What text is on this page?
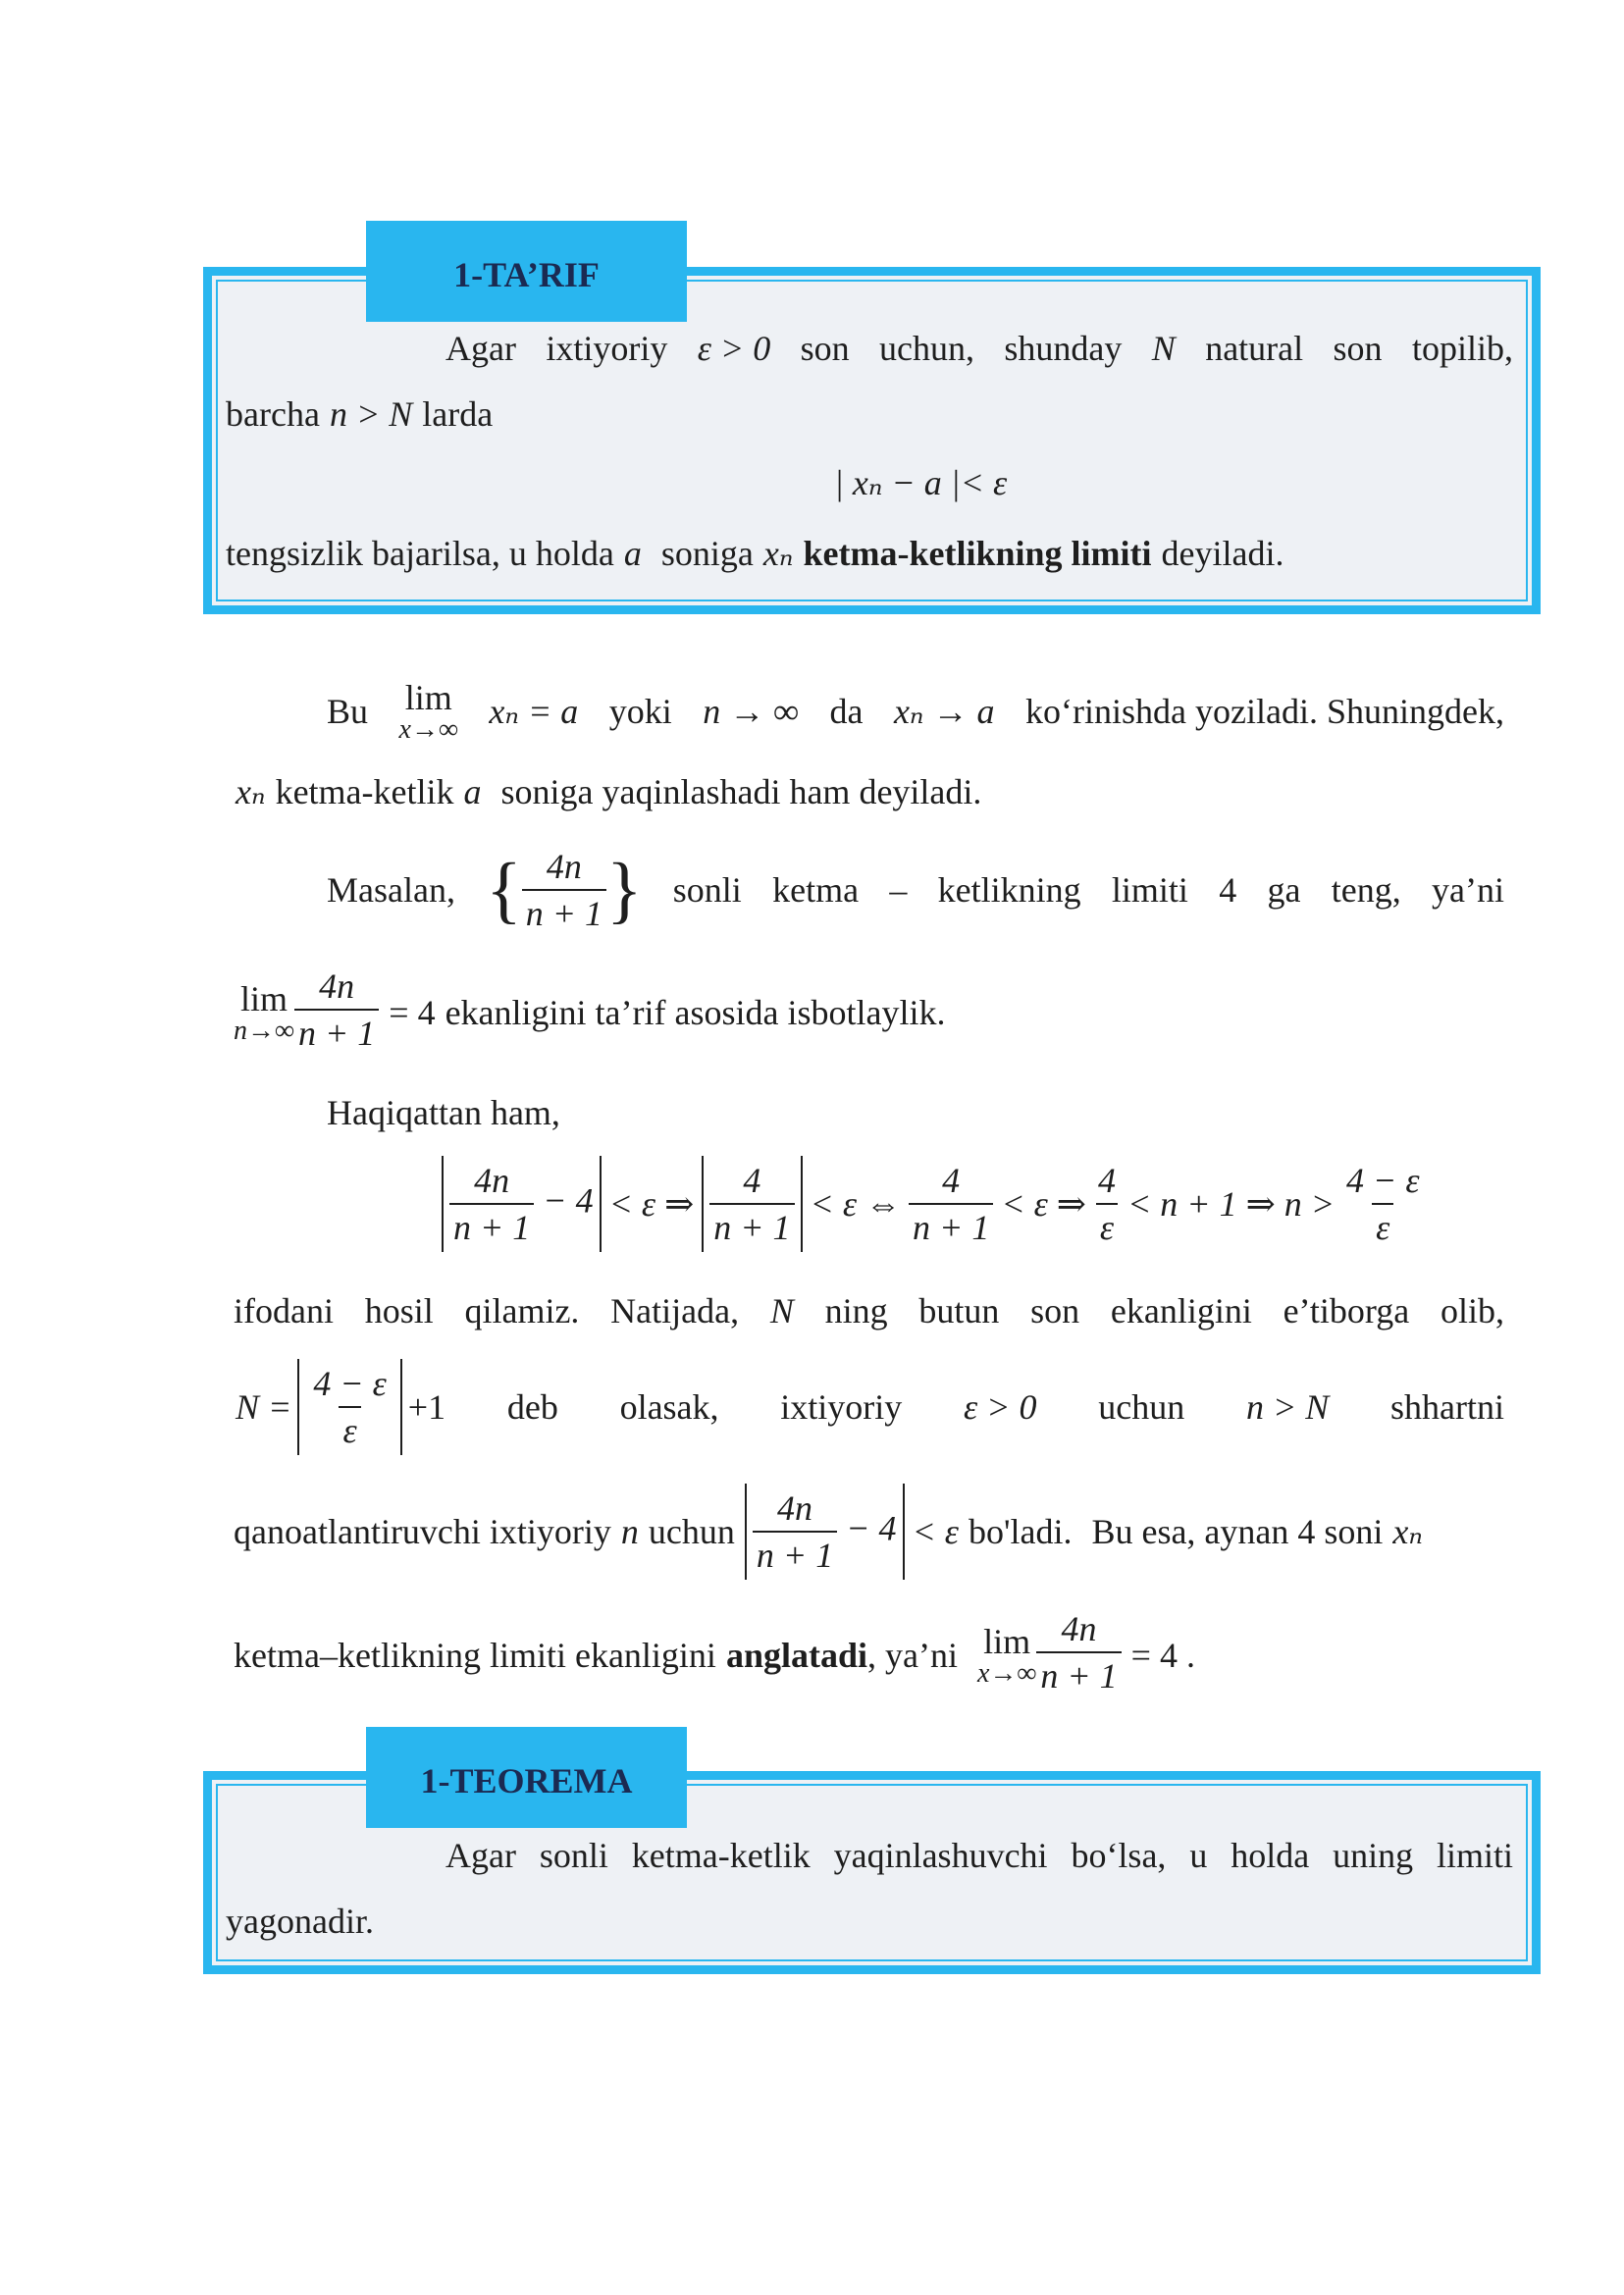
1-TA’RIF
Agar ixtiyoriy ε > 0 son uchun, shunday N natural son topilib,
barcha n > N larda
| xₙ − a |< ε
tengsizlik bajarilsa, u holda a soniga xₙ ketma-ketlikning limiti deyiladi.
Bu lim
x→∞ xₙ = a yoki n → ∞ da xₙ → a ko‘rinishda yoziladi. Shuningdek,
xₙ ketma-ketlik a soniga yaqinlashadi ham deyiladi.
Masalan, { $\frac{4n}{n + 1}$ } sonli ketma – ketlikning limiti 4 ga teng, ya’ni
lim
$n\to\infty \frac{4n}{n + 1} = 4$ ekanligini ta’rif asosida isbotlaylik.
Haqiqattan ham,
$\frac{4n}{n + 1} - 4 < \varepsilon$ ⇒ $\frac{4}{n + 1} < \varepsilon$ ⇔ $\frac{4}{n + 1} < \varepsilon$ ⇒ $\frac{4}{\varepsilon} < n + 1$ ⇒ $n > \frac{4 - \varepsilon}{\varepsilon}$
ifodani hosil qilamiz. Natijada, N ning butun son ekanligini e’tiborga olib,
$N = \frac{4 - \varepsilon}{\varepsilon} +1$ deb olasak, ixtiyoriy ε > 0 uchun n > N shhartni
qanoatlantiruvchi ixtiyoriy n uchun $\frac{4n}{n + 1} - 4 < \varepsilon$ bo'ladi. Bu esa, aynan 4 soni xₙ
ketma–ketlikning limiti ekanligini anglatadi , ya’ni lim
$x\to\infty \frac{4n}{n + 1} = 4$ .
1-TEOREMA
Agar sonli ketma-ketlik yaqinlashuvchi bo‘lsa, u holda uning limiti
yagonadir.
